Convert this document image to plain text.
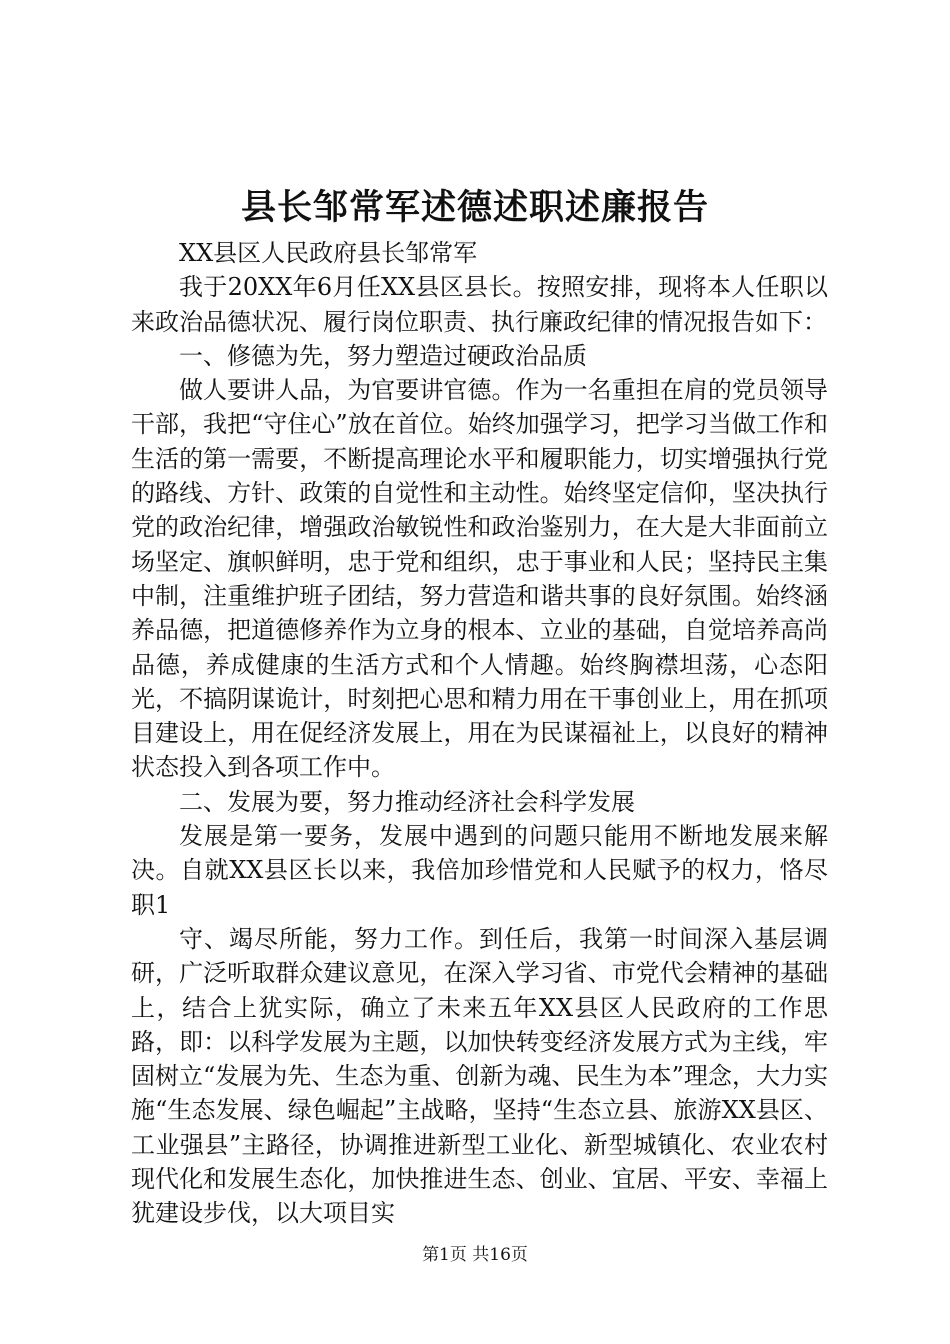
县长邹常军述德述职述廉报告

XX县区人民政府县长邹常军

我于20XX年6月任XX县区县长。按照安排，现将本人任职以来政治品德状况、履行岗位职责、执行廉政纪律的情况报告如下：

一、修德为先，努力塑造过硬政治品质

做人要讲人品，为官要讲官德。作为一名重担在肩的党员领导干部，我把“守住心”放在首位。始终加强学习，把学习当做工作和生活的第一需要，不断提高理论水平和履职能力，切实增强执行党的路线、方针、政策的自觉性和主动性。始终坚定信仰，坚决执行党的政治纪律，增强政治敏锐性和政治鉴别力，在大是大非面前立场坚定、旗帜鲜明，忠于党和组织，忠于事业和人民；坚持民主集中制，注重维护班子团结，努力营造和谐共事的良好氛围。始终涵养品德，把道德修养作为立身的根本、立业的基础，自觉培养高尚品德，养成健康的生活方式和个人情趣。始终胸襟坦荡，心态阳光，不搞阴谋诡计，时刻把心思和精力用在干事创业上，用在抓项目建设上，用在促经济发展上，用在为民谋福祉上，以良好的精神状态投入到各项工作中。

二、发展为要，努力推动经济社会科学发展

发展是第一要务，发展中遇到的问题只能用不断地发展来解决。自就XX县区长以来，我倍加珍惜党和人民赋予的权力，恪尽职1

守、竭尽所能，努力工作。到任后，我第一时间深入基层调研，广泛听取群众建议意见，在深入学习省、市党代会精神的基础上，结合上犹实际，确立了未来五年XX县区人民政府的工作思路，即：以科学发展为主题，以加快转变经济发展方式为主线，牢固树立“发展为先、生态为重、创新为魂、民生为本”理念，大力实施“生态发展、绿色崛起”主战略，坚持“生态立县、旅游XX县区、工业强县”主路径，协调推进新型工业化、新型城镇化、农业农村现代化和发展生态化，加快推进生态、创业、宜居、平安、幸福上犹建设步伐，以大项目实

第1页 共16页
